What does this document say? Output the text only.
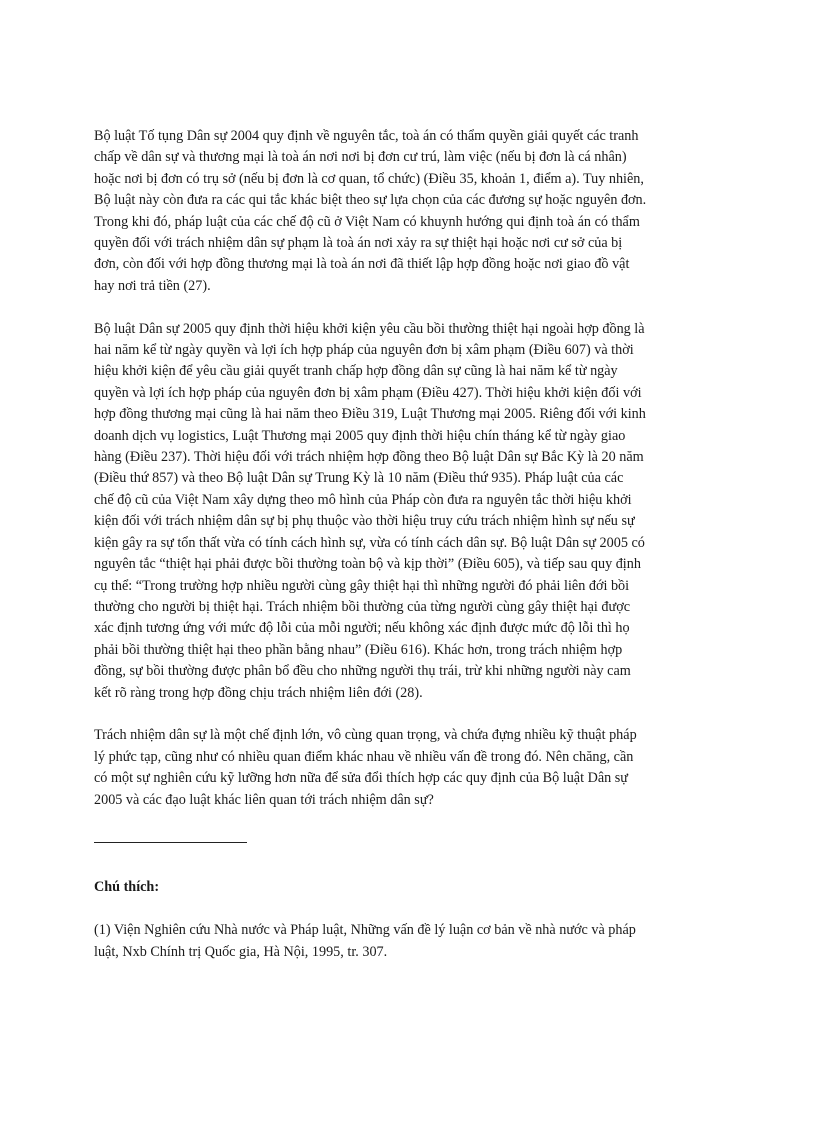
Bộ luật Tố tụng Dân sự 2004 quy định về nguyên tắc, toà án có thẩm quyền giải quyết các tranh
chấp về dân sự và thương mại là toà án nơi nơi bị đơn cư trú, làm việc (nếu bị đơn là cá nhân)
hoặc nơi bị đơn có trụ sở (nếu bị đơn là cơ quan, tổ chức) (Điều 35, khoản 1, điểm a). Tuy nhiên,
Bộ luật này còn đưa ra các qui tắc khác biệt theo sự lựa chọn của các đương sự hoặc nguyên đơn.
Trong khi đó, pháp luật của các chế độ cũ ở Việt Nam có khuynh hướng qui định toà án có thẩm
quyền đối với trách nhiệm dân sự phạm là toà án nơi xảy ra sự thiệt hại hoặc nơi cư sở của bị
đơn, còn đối với hợp đồng thương mại là toà án nơi đã thiết lập hợp đồng hoặc nơi giao đồ vật
hay nơi trả tiền (27).

Bộ luật Dân sự 2005 quy định thời hiệu khởi kiện yêu cầu bồi thường thiệt hại ngoài hợp đồng là
hai năm kể từ ngày quyền và lợi ích hợp pháp của nguyên đơn bị xâm phạm (Điều 607) và thời
hiệu khởi kiện để yêu cầu giải quyết tranh chấp hợp đồng dân sự cũng là hai năm kể từ ngày
quyền và lợi ích hợp pháp của nguyên đơn bị xâm phạm (Điều 427). Thời hiệu khởi kiện đối với
hợp đồng thương mại cũng là hai năm theo Điều 319, Luật Thương mại 2005. Riêng đối với kinh
doanh dịch vụ logistics, Luật Thương mại 2005 quy định thời hiệu chín tháng kể từ ngày giao
hàng (Điều 237). Thời hiệu đối với trách nhiệm hợp đồng theo Bộ luật Dân sự Bắc Kỳ là 20 năm
(Điều thứ 857) và theo Bộ luật Dân sự Trung Kỳ là 10 năm (Điều thứ 935). Pháp luật của các
chế độ cũ của Việt Nam xây dựng theo mô hình của Pháp còn đưa ra nguyên tắc thời hiệu khởi
kiện đối với trách nhiệm dân sự bị phụ thuộc vào thời hiệu truy cứu trách nhiệm hình sự nếu sự
kiện gây ra sự tổn thất vừa có tính cách hình sự, vừa có tính cách dân sự. Bộ luật Dân sự 2005 có
nguyên tắc “thiệt hại phải được bồi thường toàn bộ và kịp thời” (Điều 605), và tiếp sau quy định
cụ thể: “Trong trường hợp nhiều người cùng gây thiệt hại thì những người đó phải liên đới bồi
thường cho người bị thiệt hại. Trách nhiệm bồi thường của từng người cùng gây thiệt hại được
xác định tương ứng với mức độ lỗi của mỗi người; nếu không xác định được mức độ lỗi thì họ
phải bồi thường thiệt hại theo phần bằng nhau” (Điều 616). Khác hơn, trong trách nhiệm hợp
đồng, sự bồi thường được phân bổ đều cho những người thụ trái, trừ khi những người này cam
kết rõ ràng trong hợp đồng chịu trách nhiệm liên đới (28).

Trách nhiệm dân sự là một chế định lớn, vô cùng quan trọng, và chứa đựng nhiều kỹ thuật pháp
lý phức tạp, cũng như có nhiều quan điểm khác nhau về nhiều vấn đề trong đó. Nên chăng, cần
có một sự nghiên cứu kỹ lưỡng hơn nữa để sửa đổi thích hợp các quy định của Bộ luật Dân sự
2005 và các đạo luật khác liên quan tới trách nhiệm dân sự?

Chú thích:

(1) Viện Nghiên cứu Nhà nước và Pháp luật, Những vấn đề lý luận cơ bản về nhà nước và pháp
luật, Nxb Chính trị Quốc gia, Hà Nội, 1995, tr. 307.
